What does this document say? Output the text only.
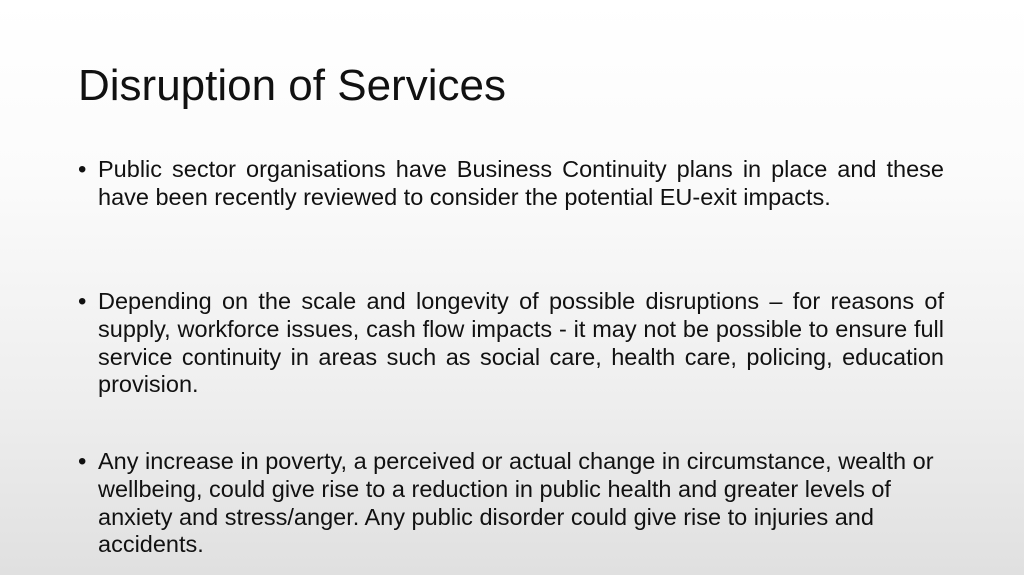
Disruption of Services
• Public sector organisations have Business Continuity plans in place and these have been recently reviewed to consider the potential EU-exit impacts.
• Depending on the scale and longevity of possible disruptions – for reasons of supply, workforce issues, cash flow impacts - it may not be possible to ensure full service continuity in areas such as social care, health care, policing, education provision.
• Any increase in poverty, a perceived or actual change in circumstance, wealth or wellbeing, could give rise to a reduction in public health and greater levels of anxiety and stress/anger. Any public disorder could give rise to injuries and accidents.
